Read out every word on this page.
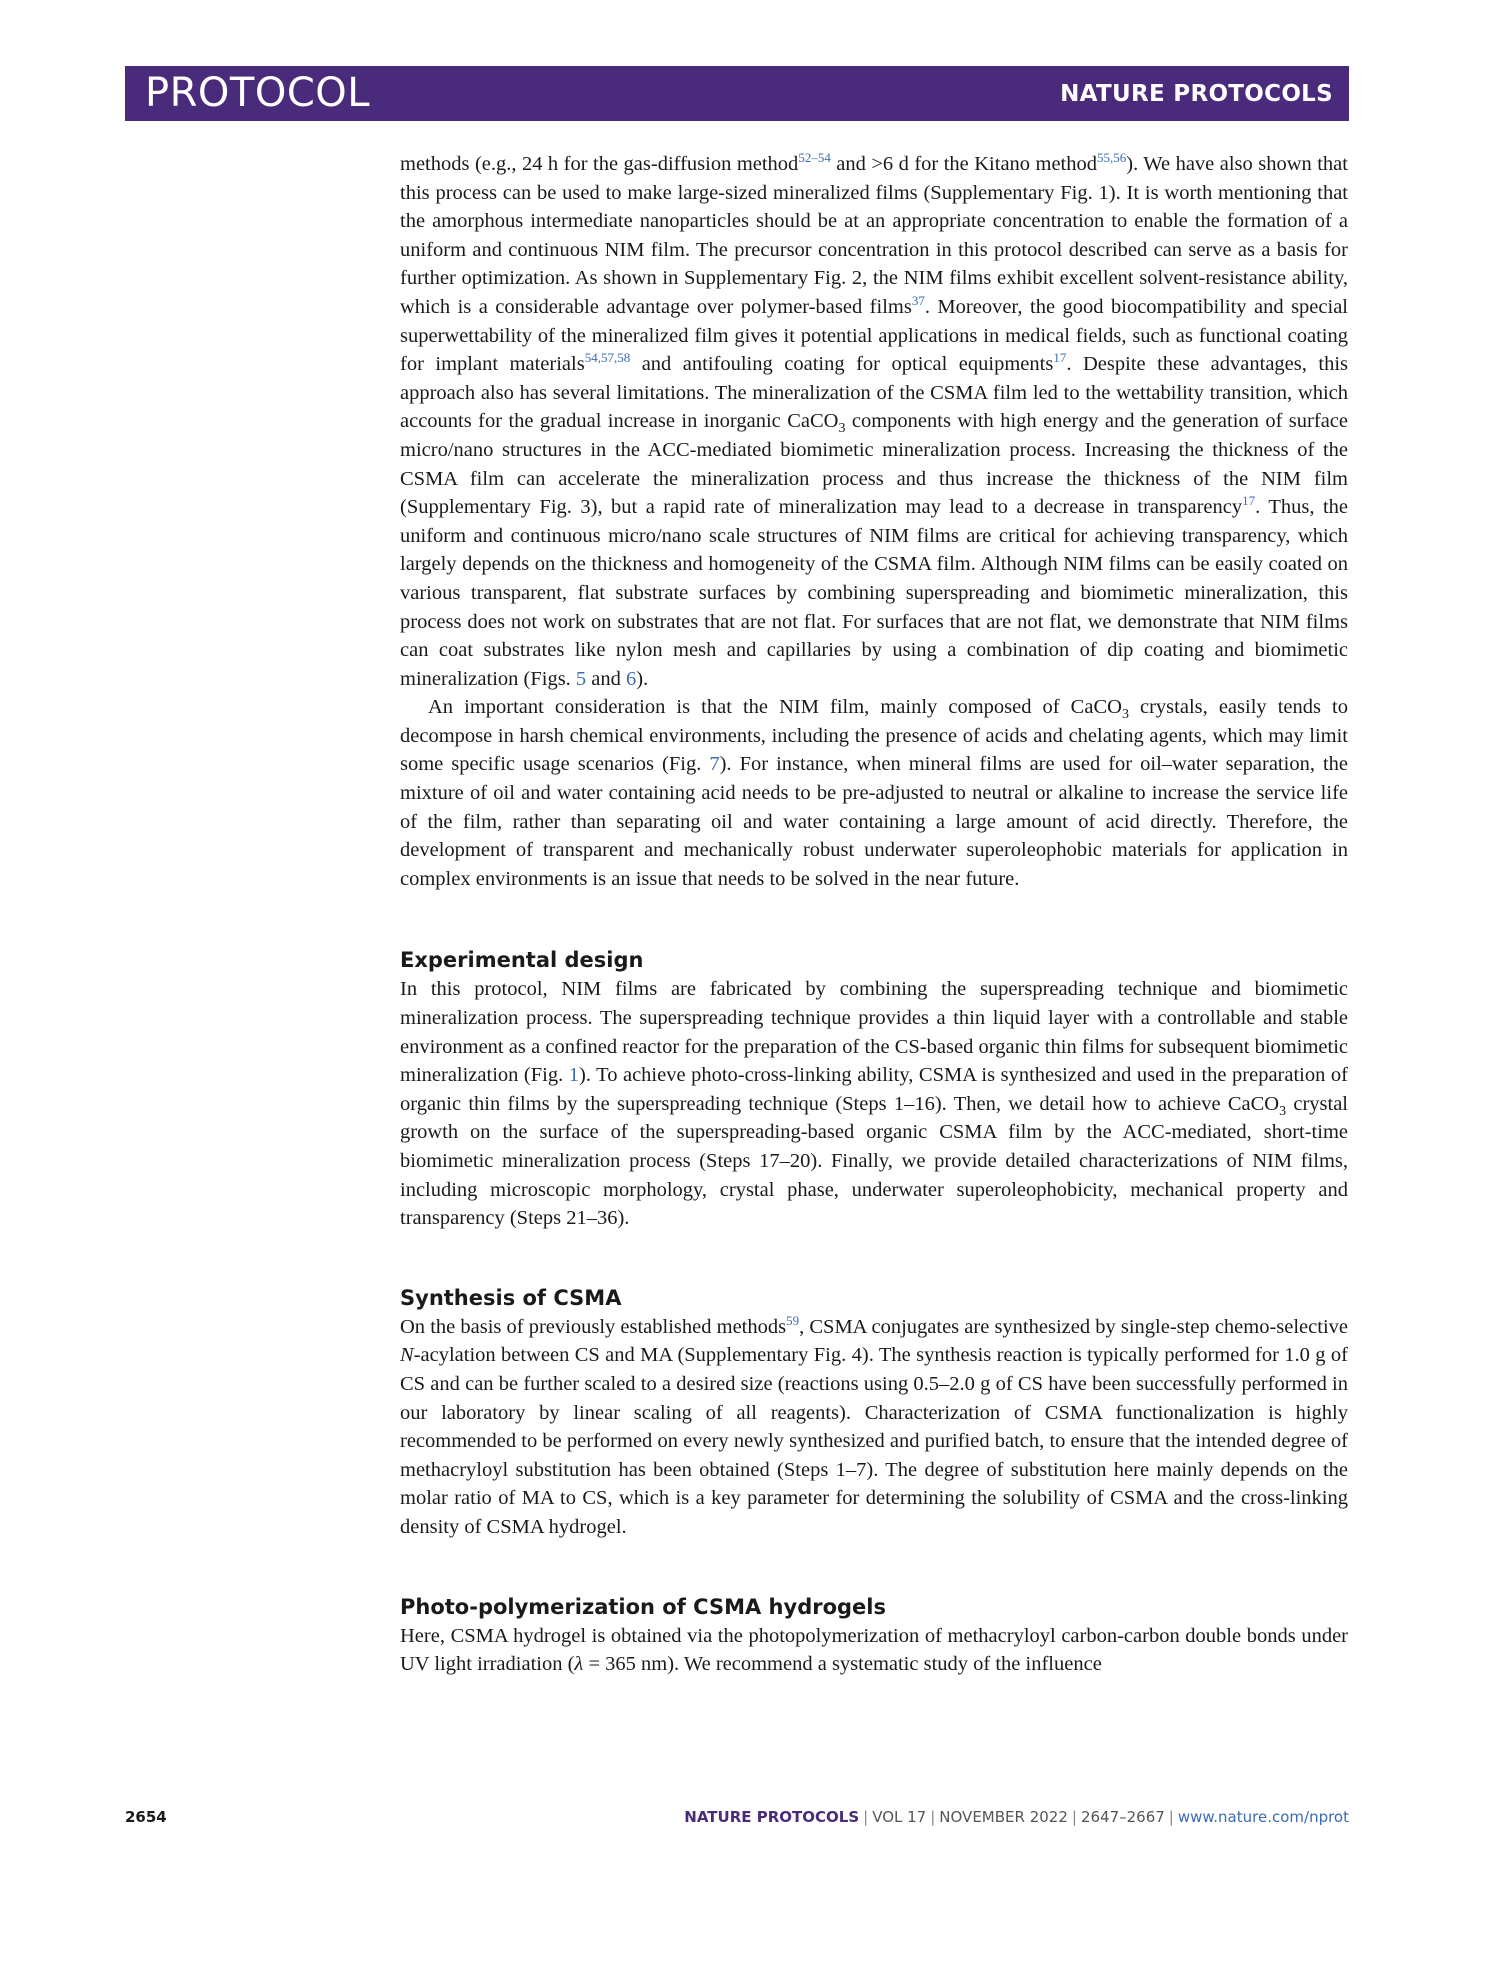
PROTOCOL	NATURE PROTOCOLS

methods (e.g., 24 h for the gas-diffusion method$^{52-54}$ and >6 d for the Kitano method$^{55,56}$). We have also shown that this process can be used to make large-sized mineralized films (Supplementary Fig. 1). It is worth mentioning that the amorphous intermediate nanoparticles should be at an appropriate concentration to enable the formation of a uniform and continuous NIM film. The precursor concentration in this protocol described can serve as a basis for further optimization. As shown in Supplementary Fig. 2, the NIM films exhibit excellent solvent-resistance ability, which is a considerable advantage over polymer-based films$^{37}$. Moreover, the good biocompatibility and special superwettability of the mineralized film gives it potential applications in medical fields, such as functional coating for implant materials$^{54,57,58}$ and antifouling coating for optical equipments$^{17}$. Despite these advantages, this approach also has several limitations. The mineralization of the CSMA film led to the wettability transition, which accounts for the gradual increase in inorganic CaCO$_3$ components with high energy and the generation of surface micro/nano structures in the ACC-mediated biomimetic mineralization process. Increasing the thickness of the CSMA film can accelerate the mineralization process and thus increase the thickness of the NIM film (Supplementary Fig. 3), but a rapid rate of mineralization may lead to a decrease in transparency$^{17}$. Thus, the uniform and continuous micro/nano scale structures of NIM films are critical for achieving transparency, which largely depends on the thickness and homogeneity of the CSMA film. Although NIM films can be easily coated on various transparent, flat substrate surfaces by combining superspreading and biomimetic mineralization, this process does not work on substrates that are not flat. For surfaces that are not flat, we demonstrate that NIM films can coat substrates like nylon mesh and capillaries by using a combination of dip coating and biomimetic mineralization (Figs. 5 and 6).

An important consideration is that the NIM film, mainly composed of CaCO$_3$ crystals, easily tends to decompose in harsh chemical environments, including the presence of acids and chelating agents, which may limit some specific usage scenarios (Fig. 7). For instance, when mineral films are used for oil–water separation, the mixture of oil and water containing acid needs to be pre-adjusted to neutral or alkaline to increase the service life of the film, rather than separating oil and water containing a large amount of acid directly. Therefore, the development of transparent and mechanically robust underwater superoleophobic materials for application in complex environments is an issue that needs to be solved in the near future.

Experimental design

In this protocol, NIM films are fabricated by combining the superspreading technique and biomimetic mineralization process. The superspreading technique provides a thin liquid layer with a controllable and stable environment as a confined reactor for the preparation of the CS-based organic thin films for subsequent biomimetic mineralization (Fig. 1). To achieve photo-cross-linking ability, CSMA is synthesized and used in the preparation of organic thin films by the superspreading technique (Steps 1–16). Then, we detail how to achieve CaCO$_3$ crystal growth on the surface of the superspreading-based organic CSMA film by the ACC-mediated, short-time biomimetic mineralization process (Steps 17–20). Finally, we provide detailed characterizations of NIM films, including microscopic morphology, crystal phase, underwater superoleophobicity, mechanical property and transparency (Steps 21–36).

Synthesis of CSMA

On the basis of previously established methods$^{59}$, CSMA conjugates are synthesized by single-step chemo-selective N-acylation between CS and MA (Supplementary Fig. 4). The synthesis reaction is typically performed for 1.0 g of CS and can be further scaled to a desired size (reactions using 0.5–2.0 g of CS have been successfully performed in our laboratory by linear scaling of all reagents). Characterization of CSMA functionalization is highly recommended to be performed on every newly synthesized and purified batch, to ensure that the intended degree of methacryloyl substitution has been obtained (Steps 1–7). The degree of substitution here mainly depends on the molar ratio of MA to CS, which is a key parameter for determining the solubility of CSMA and the cross-linking density of CSMA hydrogel.

Photo-polymerization of CSMA hydrogels

Here, CSMA hydrogel is obtained via the photopolymerization of methacryloyl carbon-carbon double bonds under UV light irradiation (λ = 365 nm). We recommend a systematic study of the influence

2654	NATURE PROTOCOLS | VOL 17 | NOVEMBER 2022 | 2647–2667 | www.nature.com/nprot
